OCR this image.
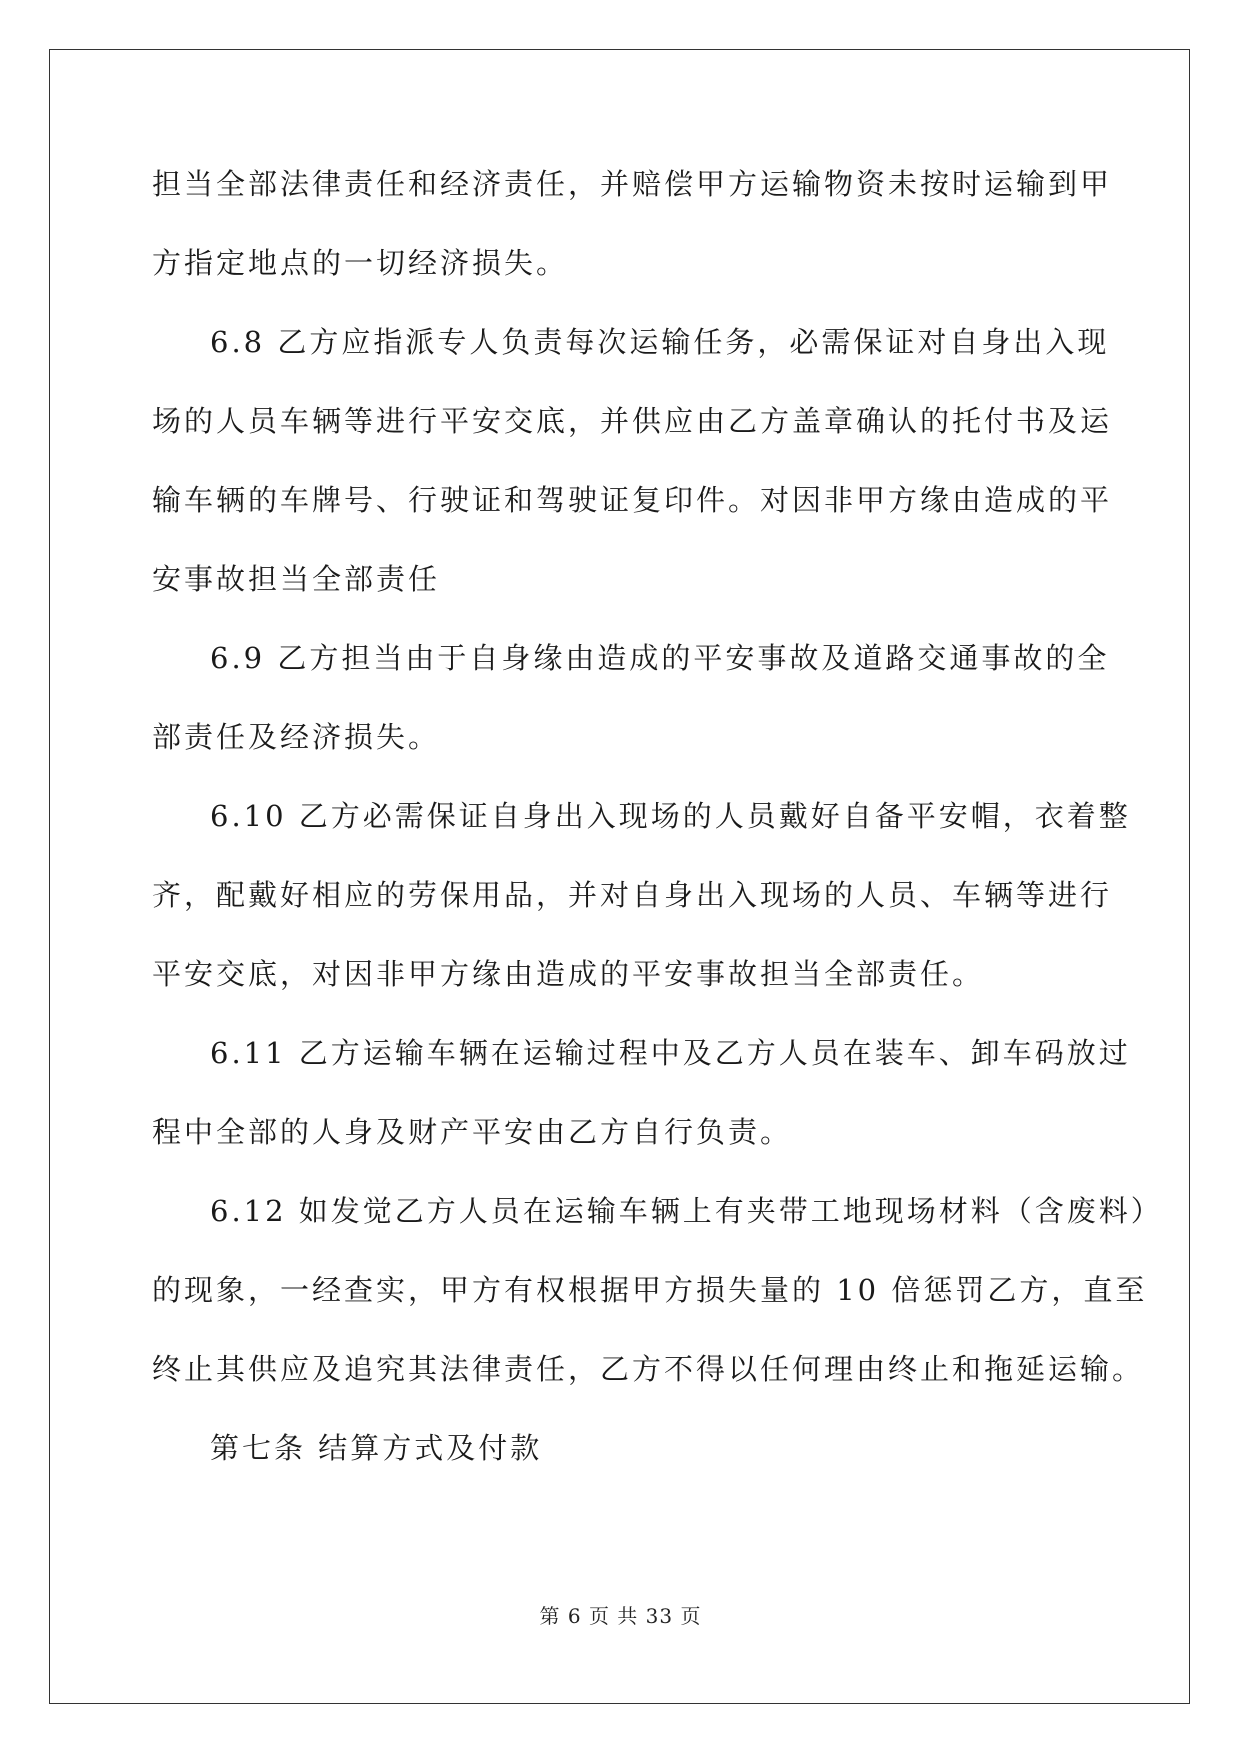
担当全部法律责任和经济责任，并赔偿甲方运输物资未按时运输到甲
方指定地点的一切经济损失。
6.8 乙方应指派专人负责每次运输任务，必需保证对自身出入现
场的人员车辆等进行平安交底，并供应由乙方盖章确认的托付书及运
输车辆的车牌号、行驶证和驾驶证复印件。对因非甲方缘由造成的平
安事故担当全部责任
6.9 乙方担当由于自身缘由造成的平安事故及道路交通事故的全
部责任及经济损失。
6.10 乙方必需保证自身出入现场的人员戴好自备平安帽，衣着整
齐，配戴好相应的劳保用品，并对自身出入现场的人员、车辆等进行
平安交底，对因非甲方缘由造成的平安事故担当全部责任。
6.11 乙方运输车辆在运输过程中及乙方人员在装车、卸车码放过
程中全部的人身及财产平安由乙方自行负责。
6.12 如发觉乙方人员在运输车辆上有夹带工地现场材料（含废料）
的现象，一经查实，甲方有权根据甲方损失量的 10 倍惩罚乙方，直至
终止其供应及追究其法律责任，乙方不得以任何理由终止和拖延运输。
第七条 结算方式及付款
第 6 页 共 33 页
